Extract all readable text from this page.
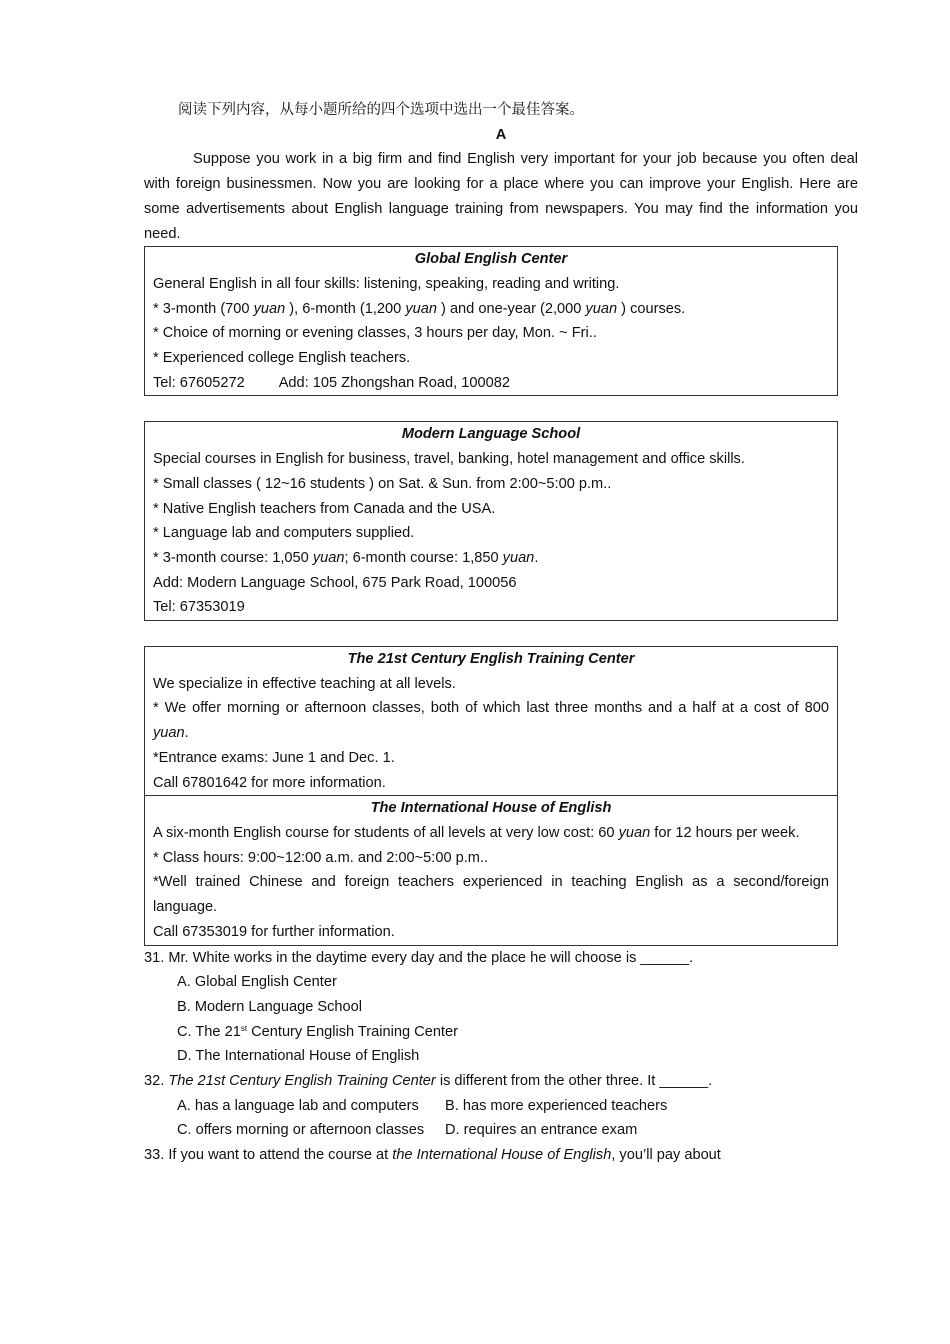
阅读下列内容，从每小题所给的四个选项中选出一个最佳答案。
A
Suppose you work in a big firm and find English very important for your job because you often deal with foreign businessmen. Now you are looking for a place where you can improve your English. Here are some advertisements about English language training from newspapers. You may find the information you need.
Global English Center

General English in all four skills: listening, speaking, reading and writing.

* 3-month (700 yuan ), 6-month (1,200 yuan ) and one-year (2,000 yuan ) courses.

* Choice of morning or evening classes, 3 hours per day, Mon. ~ Fri..

* Experienced college English teachers.

Tel: 67605272 Add: 105 Zhongshan Road, 100082

Modern Language School

Special courses in English for business, travel, banking, hotel management and office skills.

* Small classes ( 12~16 students ) on Sat. & Sun. from 2:00~5:00 p.m..

* Native English teachers from Canada and the USA.

* Language lab and computers supplied.

* 3-month course: 1,050 yuan; 6-month course: 1,850 yuan.

Add: Modern Language School, 675 Park Road, 100056

Tel: 67353019

The 21st Century English Training Center

We specialize in effective teaching at all levels.

* We offer morning or afternoon classes, both of which last three months and a half at a cost of 800 yuan.

*Entrance exams: June 1 and Dec. 1.

Call 67801642 for more information.

The International House of English

A six-month English course for students of all levels at very low cost: 60 yuan for 12 hours per week.

* Class hours: 9:00~12:00 a.m. and 2:00~5:00 p.m..

*Well trained Chinese and foreign teachers experienced in teaching English as a second/foreign language.

Call 67353019 for further information.

31. Mr. White works in the daytime every day and the place he will choose is ______.

A. Global English Center
B. Modern Language School
C. The 21st Century English Training Center
D. The International House of English

32. The 21st Century English Training Center is different from the other three. It ______.

A. has a language lab and computers	B. has more experienced teachers
C. offers morning or afternoon classes	D. requires an entrance exam

33. If you want to attend the course at the International House of English, you’ll pay about
